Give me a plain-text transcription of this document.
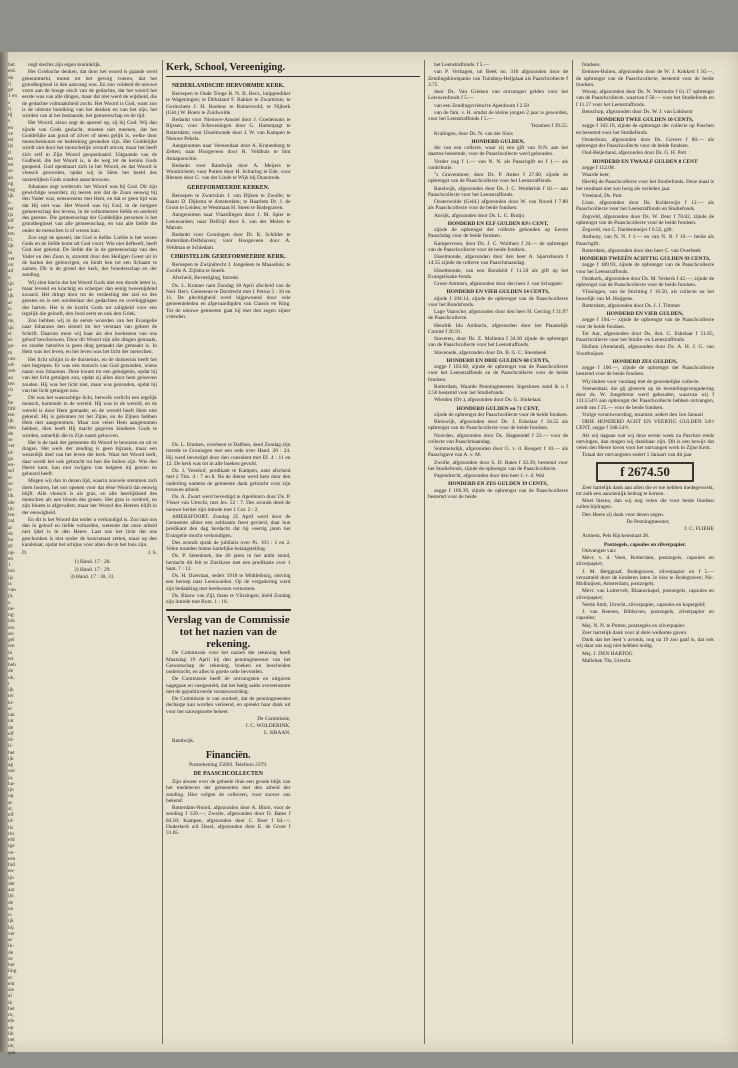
bet.
etd.
da
ij
ge
1 en
s
ij
tij
s
en
ve
ter
ijs
it
en
ter
ze
an
ng
ing
ijk
n
ier
ijs
elf
ke-
ten
i't.
ijk
in
ver
on
ad
n
ijn
ie
ijk
ar
is
er
de,
ijn
st
es
ge-
m
ons
nd-
zen
an
ten
ch
e-
be
fdit
ten
ijk
den
de
se
ver
id-
ga
en-
sel
er
ze
it-
lik
ide
ijn
len
zal
ar
ds
ho
gt.
op-
en
1
ion
ijs
is
van
jn,
s.
ne-
ng-
ink
ien
an-
gel
ien
in
ter
heb
de
ok,
t
ijk
ter
ki-
er
ian
iat
de
elf
id-
li-
het
ijk
ag
oor
ja,
ha-
ijn
op
ar
st,
elf
id-
lis
rin
eld
ige
ve-
een
bid
en-
ijn
der
aar
ijn
de
ne
o-
ijk
hij
ver
ar
ik-
de
ze
het
ling
er
ent
sie
al
ik
het
rn,
els
op
lik
net
ue,
aan

nogl slechts zijn eigen koninkrijk.

Het Grieksche denken, dat door het woord is gaande werd gekennmerkt, moest tot het gevoig voeren, dat het grondbeginsel in den aanvang was. En zoo voldeed de nieuwe vorm aan de hooge eisch van de gedachte, dat het woord het eerste was van alle dingen, maar dat niet werd de wijsheid, die de gedachte volmaaktheid zocht. Het Woord is God, want zoo is de uiterste bereiking van het denken en van het zijn, het worden van al het bestaande, het gemeenschap en de tijd.

Het Woord, alzoo zegt de apostel op, zij bij God: Wij dan zijnde van Gods geslacht, moeten niet meenen, dat het Goddelijke aan goud of zilver of steen gelijk is, welke door menschenkunst en bedenking gesneden zijn. Het Goddelijke wordt niet door het menschelijk vernuft omvat, maar het heeft zich zelf in Zijn Woord geopenbaard. Uitgaande van de Godheid, die het Woord is, is de weg tot de kennis Gods geopend. God openbaart zich in het Woord, en dat Woord is vleesch geworden, opdat wij in Hem het beeld des onzienlijken Gods zouden aanschouwen.

Johannes zegt wederom: het Woord was bij God. Dit zijn gewichtige woorden; zij leeren ons dat de Zoon eeuwig bij den Vader was, eenswezens met Hem, en dat er geen tijd was dat Hij niet was. Het Woord was bij God, in de innigste gemeenschap des levens, in de volkomenste liefde en eenheid des geestes. Die gemeenschap der Goddelijke personen is het grondbeginsel van alle gemeenschap, en van alle liefde die onder de menschen is of wezen kan.

Zoo zegt de apostel, dat God is liefde. Liefde is het wezen Gods en de liefde komt uit God voort. Wie niet liefheeft, heeft God niet gekend. De liefde die in de gemeenschap van den Vader en den Zoon is, stroomt door den Heiligen Geest uit in de harten der geloovigen, en bindt hen tot een lichaam te zamen. Dit is de grond der kerk, der broederschap en der zending.

Wij zien hierin dat het Woord Gods niet een doode letter is, maar levend en krachtig en scherper dan eenig tweesnijdend zwaard. Het dringt door tot de verdeeling der ziel en des geestes en is een oordeelaar der gedachten en overleggingen des harten. Het is de kracht Gods tot zaligheid voor een iegelijk die gelooft, den Jood eerst en ook den Griek.

Zoo hebben wij in de eerste woorden van het Evangelie naar Johannes den sleutel tot het verstaan van geheel de Schrift. Daarom moet wij haar als den hoeksteen van ons geloof beschouwen. Door dit Woord zijn alle dingen gemaakt, en zonder hetzelve is geen ding gemaakt dat gemaakt is. In Hem was het leven, en het leven was het licht der menschen.

Het licht schijnt in de duisternis, en de duisternis heeft het niet begrepen. Er was een mensch van God gezonden, wiens naam was Johannes. Deze kwam tot een getuigenis, opdat hij van het licht getuigen zou, opdat zij allen door hem gelooven zouden. Hij was het licht niet, maar was gezonden, opdat hij van het licht getuigen zou.

Dit was het waarachtige licht, hetwelk verlicht een iegelijk mensch, komende in de wereld. Hij was in de wereld, en de wereld is door Hem gemaakt; en de wereld heeft Hem niet gekend. Hij is gekomen tot het Zijne, en de Zijnen hebben Hem niet aangenomen. Maar zoo velen Hem aangenomen hebben, dien heeft Hij macht gegeven kinderen Gods te worden, namelijk die in Zijn naam gelooven.

Het is de taak der gemeente dit Woord te bewaren en uit te dragen. Het werk der zending is geen bijzaak, maar een wezenlijk deel van het leven der kerk. Waar het Woord leeft, daar wordt het ook gebracht tot hen die buiten zijn. Wie den Heere kent, kan niet zwijgen van hetgeen hij gezien en gehoord heeft.

Mogen wij dan in dezen tijd, waarin zoovele stemmen zich doen hooren, het oor openen voor dat ééne Woord dat eeuwig blijft. Alle vleesch is als gras, en alle heerlijkheid des menschen als een bloem des grases. Het gras is verdord, en zijn bloem is afgevallen; maar het Woord des Heeren blijft in der eeuwigheid.

En dit is het Woord dat onder u verkondigd is. Zoo laat ons dan in geloof en liefde volharden, wetende dat onze arbeid niet ijdel is in den Heere. Laat ons het licht dat ons geschonken is niet onder de koornmaat zetten, maar op den kandelaar, opdat het schijne voor allen die in het huis zijn.

D.	J. S.

1) Hand. 17 : 28.

2) Hand. 17 : 29.

3) Hand. 17 : 30, 31.

Kerk, School, Vereeniging.
NEDERLANDSCHE HERVORMDE KERK.

Beroepen te Oude Tonge B. N. B. Becx, hulpprediker te Wageningen; te Dirksland F. Bakker te Zwartsluis; te Gorinchem J. H. Boelens te Ruinerwold; te Nijkerk (Gld.) W. Boers te Zuidwolde.

Bedankt voor Nieuwer-Amstel door J. Goedemans te Rijssen; voor Scheveningen door G. Hamerpagt te Rotterdam; voor IJsselmonde door J. W. van Kampen te Nieuwe Pekela.

Aangenomen naar Veenendaal door A. Kranenborg te Zetten; naar Hoogeveen door H. Veldhuis te Sint Annaparochie.

Bedankt voor Randwijk door A. Meijers te Woudrichem; voor Putten door H. Schuring te Ede; voor Rhenen door G. van der Linde te Wijk bij Duurstede.

GEREFORMEERDE KERKEN.

Beroepen te Zwartsluis J. van Dijken te Zwolle; te Baarn D. Dijkstra te Amsterdam; te Haarlem Dr. J. de Groot te Leiden; te Westmaas H. Steen te Bodegraven.

Aangenomen naar Vlaardingen door J. M. Spier te Leeuwarden; naar Delfzijl door S. van der Molen te Marum.

Bedankt voor Groningen door Dr. K. Schilder te Rotterdam-Delfshaven; voor Hoogeveen door A. Veldman te Schiedam.

CHRISTELIJK GEREFORMEERDE KERK.

Beroepen te Zwijndrecht J. Jongeleen te Maassluis; te Zwolle A. Zijlstra te Sneek.

Afscheid, Bevestiging, Intrede.

Ds. L. Kramer nam Zondag 18 April afscheid van de Ned. Herv. Gemeente te Dordrecht met 1 Petrus 5 : 10 en 11. De plechtigheid werd bijgewoond door vele gemeenteleden en afgevaardigden van Classis en Ring. Tot de nieuwe gemeente gaat hij met den zegen zijner vrienden.

Ds. L. Emmen, voorheen te Dalfsen, deed Zondag zijn intrede te Groningen met een rede over Hand. 20 : 24. Hij werd bevestigd door den consulent met Ef. 4 : 11 en 12. De kerk was tot in alle hoeken gevuld.

Ds. J. Veenhof, predikant te Kampen, nam afscheid met 2 Tim. 4 : 7 en 8. Na de dienst werd hem door den ouderling namens de gemeente dank gebracht voor zijn trouwen arbeid.

Ds. A. Zwart werd bevestigd te Apeldoorn door Ds. P. Visser van Utrecht, met Jes. 52 : 7. Des avonds deed de nieuwe herder zijn intrede met 1 Cor. 2 : 2.

AMERSFOORT. Zondag 25 April werd door de Gemeente alhier een zeldzaam feest gevierd, daar hun predikant den dag herdacht dat hij veertig jaren het Evangelie mocht verkondigen.

Des avonds sprak de jubilaris over Ps. 103 : 1 en 2. Velen toonden hunne hartelijke belangstelling.

Ds. P. Steenhoek, die 40 jaren in het ambt stond, herdacht dit feit te Zierikzee met een predikatie over 1 Sam. 7 : 12.

Ds. H. IJzerman, sedert 1918 te Middelburg, ontving een beroep naar Leeuwarden. Op de vergadering werd zijn bedanking met leedwezen vernomen.

Ds. Blauw van Zijl, thans te Vlissingen, hield Zondag zijn intrede met Rom. 1 : 16.

Verslag van de Commissie tot het nazien van de rekening.

De Commissie voor het nazien der rekening heeft Maandag 19 April bij den penningmeester van het Genootschap de rekening, boeken en bescheiden onderzocht, en alles in goede orde bevonden.

De Commissie heeft de ontvangsten en uitgaven nagegaan en vastgesteld, dat het batig saldo overeenstemt met de gepubliceerde verantwoording.

De Commissie is van oordeel, dat de penningmeester decharge kan worden verleend, en spreekt haar dank uit voor het nauwgezette beheer.

De Commissie,

J. C. WOLDERINK.

L. KRAAN.

Randwijk.

Financiën.
Postrekening 25693. Telefoon 2379.
DE PAASCHCOLLECTEN

Zijn alweer over de geheele linie een groote blijk van het medeleven der gemeenten met den arbeid der zending. Hier volgen de collecten, voor zoover ons bekend:

Rotterdam-Noord, afgezonden door A. Blom, voor de zending f 120.—; Zwolle, afgezonden door D. Bates f 84.50; Kampen, afgezonden door C. Boer f 64.—; Ouderkerk a/d IJssel, afgezonden door E. de Groot f 31.65.

het Leenstraftonds. f 5.—

van P. Verhagen, uit Beek no. 316 afgezonden door de Zendingsklompanie van Tuindorp-Heijplaat als Paaschcollecte f 3.75

door Ds. Van Grieken van ontvangen gelden voor het Leeuwenfonds f 5.—

van een Zendingsvriend te Apeldoorn f 2.50

van de fam. v. H. omdat de kleine jongen 2 jaar is geworden, voor het Leenstraffonds f 5.—

Tezamen f 39.55.

Kralingen, door Ds. N. van der Sluis

HONDERD GULDEN,

die van een collecte, waar zij een gift van N.N. aan het daartoe bestemde, voor de Paaschcollecte werd gehouden.

Verder nog f 1.— van N. N. als Paaschgift en f 1.— als contributie.

"s Gravenmoer, door Ds. P. Anker f 27.60, zijnde de opbrengst van de Paaschcollecte voor het Leenstraffonds.

Randwijk, afgezonden door Ds. J. C. Wolderink f 16.— aan Paaschcollecte voor het Leenstraffonds.

Oosterwolde (Geld.) afgezonden door W. van Noord f 7.80 als Paaschcollecte voor de beide fondsen.

Anvijk, afgezonden door Ds. L. G. Bruijn

HONDERD EN ELF GULDEN 83½ CENT,

zijnde de opbrengst der collecte gehouden op Eerste Paaschdag voor de beide fondsen.

Kampervoon, door Ds. J. C. Wolthers f 24.— de opbrengst van de Paaschcollecte voor de beide fondsen.

IJsselmonde, afgezonden door den heer A. Sparreboom f 14.55 zijnde de collecte van Paaschmaandag.

IJsselmonde, van een Bondslid f 11.50 als gift op het Evangelisatie-fonds.

Groot-Ammers, afgezonden door den heer J. van Schuppen

HONDERD EN VIER GULDEN 14 CENTS,

zijnde f 104.14, zijnde de opbrengst van de Paaschcollecte voor het Bondsfonds.

Lage Vaarsche, afgezonden door den heer H. Gerring f 31.97 de Paaschcollecte.

Hendrik Ido Ambacht, afgezonden door het Plaatselijk Comité f 26.91.

Staveren, door Ds. Z. Mollema f 34.30 zijnde de opbrengst van de Paaschcollecte voor het Leenstraffonds.

Staveoude, afgezonden door Ds. B. G. C. Steenbeek

HONDERD EN DRIE GULDEN 68 CENTS,

zegge f 103.68, zijnde de opbrengst van de Paaschcollecte voor het Leenstraffonds en de Paaschcollecte voor de beide fondsen.

Rotterdam, Waarde Penningmeester, Ingesloten zend ik u f 2.50 bestemd voor het Studiefonds.

Wierden (Ov.), afgezonden door Ds. G. Sinkelaar.

HONDERD GULDEN en 71 CENT,

zijnde de opbrengst der Paaschcollecte voor de beide fondsen.

Bleiswijk, afgezonden door Ds. J. Eskelaar f 34.55 als opbrengst van de Paaschcollecte voor de beide fondsen.

Noorden, afgezonden door Ds. Slappendel f 22.— voor de collecte van Paaschmaandag.

Sommelsdijk, afgezonden door G. v. d. Boogert f 10.— als Paaschgave van A. v. M.

Zwolle, afgezonden door S. D. Bates f 32.39, bestemd voor het Studiefonds, zijnde de opbrengst van de Paaschcollecte.

Papendrecht, afgezonden door den heer J. v. d. Wal

HONDERD EN ZES GULDEN 39 CENTS,

zegge f 106.39, zijnde de opbrengst van de Paaschcollecte bestemd voor de beide

fondsen.

Eemnes-Buiten, afgezonden door de W. J. Kokkert f 50.—, de opbrengst van de Paaschcollecte, bestemd voor de beide fondsen.

Wezep, afgezonden door Ds. N. Warmolts f 61.17 opbrengst van de Paaschcollecte, waarvan f 50.— voor het Studiefonds en f 11.17 voor het Leenstraffonds.

Benschop, afgezonden door Ds. W. J. van Lokhorst

HONDERD TWEE GULDEN 10 CENTS,

zegge f 102.10, zijnde de opbrengst der collecte op Paschen en bestemd voor het Studiefonds.

Oosterhout, afgezonden door Ds. Govers f 80.— als opbrengst der Paaschcollecte voor de beide fondsen.

Oud-Beijerland, afgezonden door Ds. G. H. Pott

HONDERD EN TWAALF GULDEN 8 CENT

zegge f 112.08.

Waarde heer,

Hierbij de Paaschcollecte voor het Studiefonds. Deze maal is het resultaat niet zoo hoog als verleden jaar.

Vreeland, Ds. Pott.

Lisse, afgezonden door Ds. Kolderwijn f 12.— als Paaschcollecte voor het Leenstraffonds en Studiefonds.

Zegveld, afgezonden door Ds. W. Deur f 70.82, zijnde de opbrengst van de Paaschcollecte voor de beide fondsen.

Zegveld, van C. Dardenmeijer f 0.52, gift.

Anthony, van N. N. f 1.— en van N. N. f 10.— beide als Paaschgift.

Rotterdam, afgezonden door den heer C. van Overbeek

HONDERD TWEEËN ACHTTIG GULDEN 93 CENTS,

zegge f 189.93, zijnde de opbrengst van de Paaschcollecte voor het Leenstraffonds.

Oostkerk, afgezonden door Ds. M. Verkerk f 42.—, zijnde de opbrengst van de Paaschcollecte voor de beide fondsen.

Vlissingen, van de Stichting f 10.50, als collecte na het huwelijk van M. Huijgens.

Rotterdam, afgezonden door Ds. J. J. Timmer

HONDERD EN VIER GULDEN,

zegge f 104.— zijnde de opbrengst van de Paaschcollecte voor de beide fondsen.

Ter Aar, afgezonden door Ds. Ant. C. Eskelaar f 51.65, Paaschcollecte voor het Studie- en Leenstraffonds.

Hollum (Ameland), afgezonden door Ds. A. H. J. G. van Voorthuijsen

HONDERD ZES GULDEN,

zegge f 106.—, zijnde de opbrengst der Paaschcollecte bestemd voor de beide fondsen.

Wij sluiten voor vandaag met de gewestelijke collecte.

Veenendaal, die gij gisteren op de herstellingsvergadering door ds. W. Jongebreur werd gehouden, waarvan wij f 1313.54½ aan opbrengst der Paaschcollecte hebben ontvangen, zendt ons f 25.— voor de beide fondsen.

Vorige verantwoording, tezamen, sedert den 1en Januari

DRIE HONDERD ACHT EN VEERTIG GULDEN 54½ CENT, zegge f 348.54½.

Als wij nagaan wat wij deze eerste week na Paschen reeds ontvingen, dan mogen wij dankbaar zijn. Dit is een bewijs dat velen den Heere loven voor het ontvangen werk in Zijne Kerk.

Totaal der ontvangsten sedert 1 Januari van dit jaar

f 2674.50

Zeer hartelijk dank aan allen die er toe hebben medegewerkt, tot zulk een aanzienlijk bedrag te komen.

Moet hierna, dan wij nog velen die voor beide fondsen zullen bijdragen.

Den Heere zij dank voor dezen zegen.

De Penningmeester,

J. C. FLIEHE

Arnhem, Pels Rijckenstraat 28.

Postzegels, capsules en zilverpapier.

Ontvangen van:

Mevr. v. d. Veen, Rotterdam, postzegels, capsules en zilverpapier;

J. M. Berggraaf, Bodegraven, zilverpapier en f 5.— verzameld door de kinderen laten 2e klas te Bodegraven; Nic. Molhuijsen, Amsterdam, postzegels;

Mevr. van Luttervelt, Blaauwkapel, postzegels, capsules en zilverpapier;

Nettie Smit, Utrecht, zilverpapier, capsules en kopergeld;

J. van Reenen, Bilthoven, postzegels, zilverpapier en capsules;

Mej. N. N. te Putten, postzegels en zilverpapier.

Zeer hartelijk dank voor al deze welkome gaven.

Dank dat het leed 's avonds, nog na 19 zoo gaaf is, dat ook wij daar ons nog niet hebben nodig.

Mej. J. DEN HARTOG

Malleban 70a, Utrecht.
